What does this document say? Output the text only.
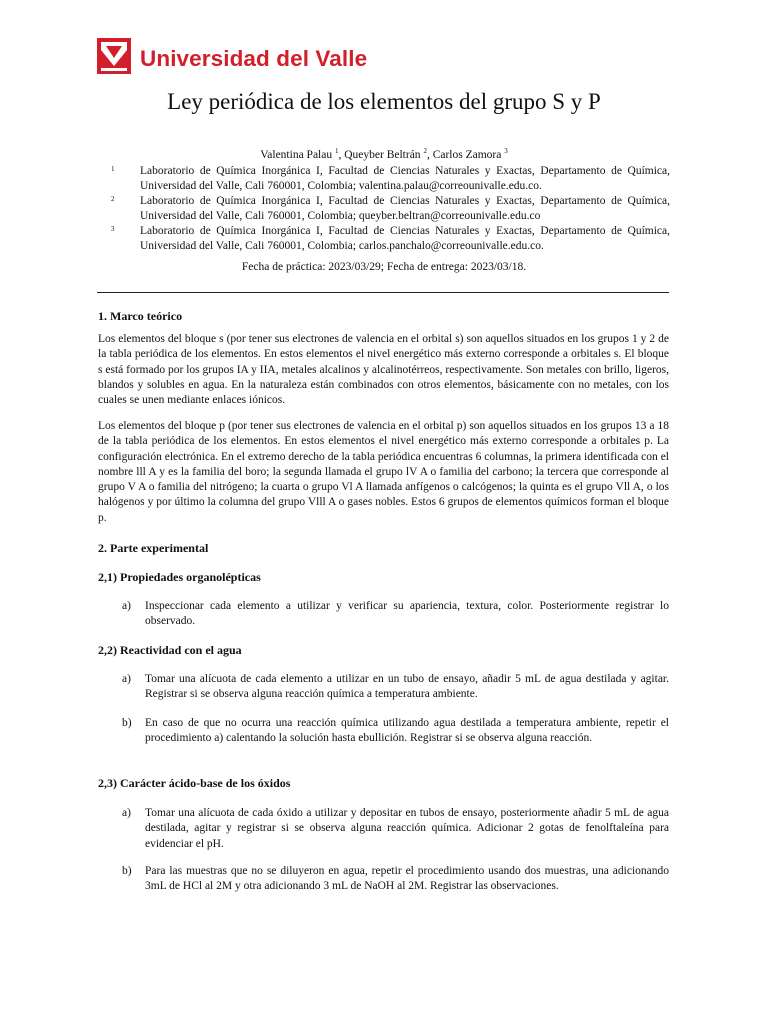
Universidad del Valle
Ley periódica de los elementos del grupo S y P
Valentina Palau $^1$, Queyber Beltrán $^2$, Carlos Zamora $^3$
1 Laboratorio de Química Inorgánica I, Facultad de Ciencias Naturales y Exactas, Departamento de Química, Universidad del Valle, Cali 760001, Colombia; valentina.palau@correounivalle.edu.co.
2 Laboratorio de Química Inorgánica I, Facultad de Ciencias Naturales y Exactas, Departamento de Química, Universidad del Valle, Cali 760001, Colombia; queyber.beltran@correounivalle.edu.co
3 Laboratorio de Química Inorgánica I, Facultad de Ciencias Naturales y Exactas, Departamento de Química, Universidad del Valle, Cali 760001, Colombia; carlos.panchalo@correounivalle.edu.co.
Fecha de práctica: 2023/03/29; Fecha de entrega: 2023/03/18.
1. Marco teórico

Los elementos del bloque s (por tener sus electrones de valencia en el orbital s) son aquellos situados en los grupos 1 y 2 de la tabla periódica de los elementos. En estos elementos el nivel energético más externo corresponde a orbitales s. El bloque s está formado por los grupos IA y IIA, metales alcalinos y alcalinotérreos, respectivamente. Son metales con brillo, ligeros, blandos y solubles en agua. En la naturaleza están combinados con otros elementos, básicamente con no metales, con los cuales se unen mediante enlaces iónicos.

Los elementos del bloque p (por tener sus electrones de valencia en el orbital p) son aquellos situados en los grupos 13 a 18 de la tabla periódica de los elementos. En estos elementos el nivel energético más externo corresponde a orbitales p. La configuración electrónica. En el extremo derecho de la tabla periódica encuentras 6 columnas, la primera identificada con el nombre lll A y es la familia del boro; la segunda llamada el grupo lV A o familia del carbono; la tercera que corresponde al grupo V A o familia del nitrógeno; la cuarta o grupo Vl A llamada anfígenos o calcógenos; la quinta es el grupo Vll A, o los halógenos y por último la columna del grupo Vlll A o gases nobles. Estos 6 grupos de elementos químicos forman el bloque p.

2. Parte experimental
2,1) Propiedades organolépticas
a) Inspeccionar cada elemento a utilizar y verificar su apariencia, textura, color. Posteriormente registrar lo observado.
2,2) Reactividad con el agua
a) Tomar una alícuota de cada elemento a utilizar en un tubo de ensayo, añadir 5 mL de agua destilada y agitar. Registrar si se observa alguna reacción química a temperatura ambiente.
b) En caso de que no ocurra una reacción química utilizando agua destilada a temperatura ambiente, repetir el procedimiento a) calentando la solución hasta ebullición. Registrar si se observa alguna reacción.
2,3) Carácter ácido-base de los óxidos
a) Tomar una alícuota de cada óxido a utilizar y depositar en tubos de ensayo, posteriormente añadir 5 mL de agua destilada, agitar y registrar si se observa alguna reacción química. Adicionar 2 gotas de fenolftaleína para evidenciar el pH.
b) Para las muestras que no se diluyeron en agua, repetir el procedimiento usando dos muestras, una adicionando 3mL de HCl al 2M y otra adicionando 3 mL de NaOH al 2M. Registrar las observaciones.
